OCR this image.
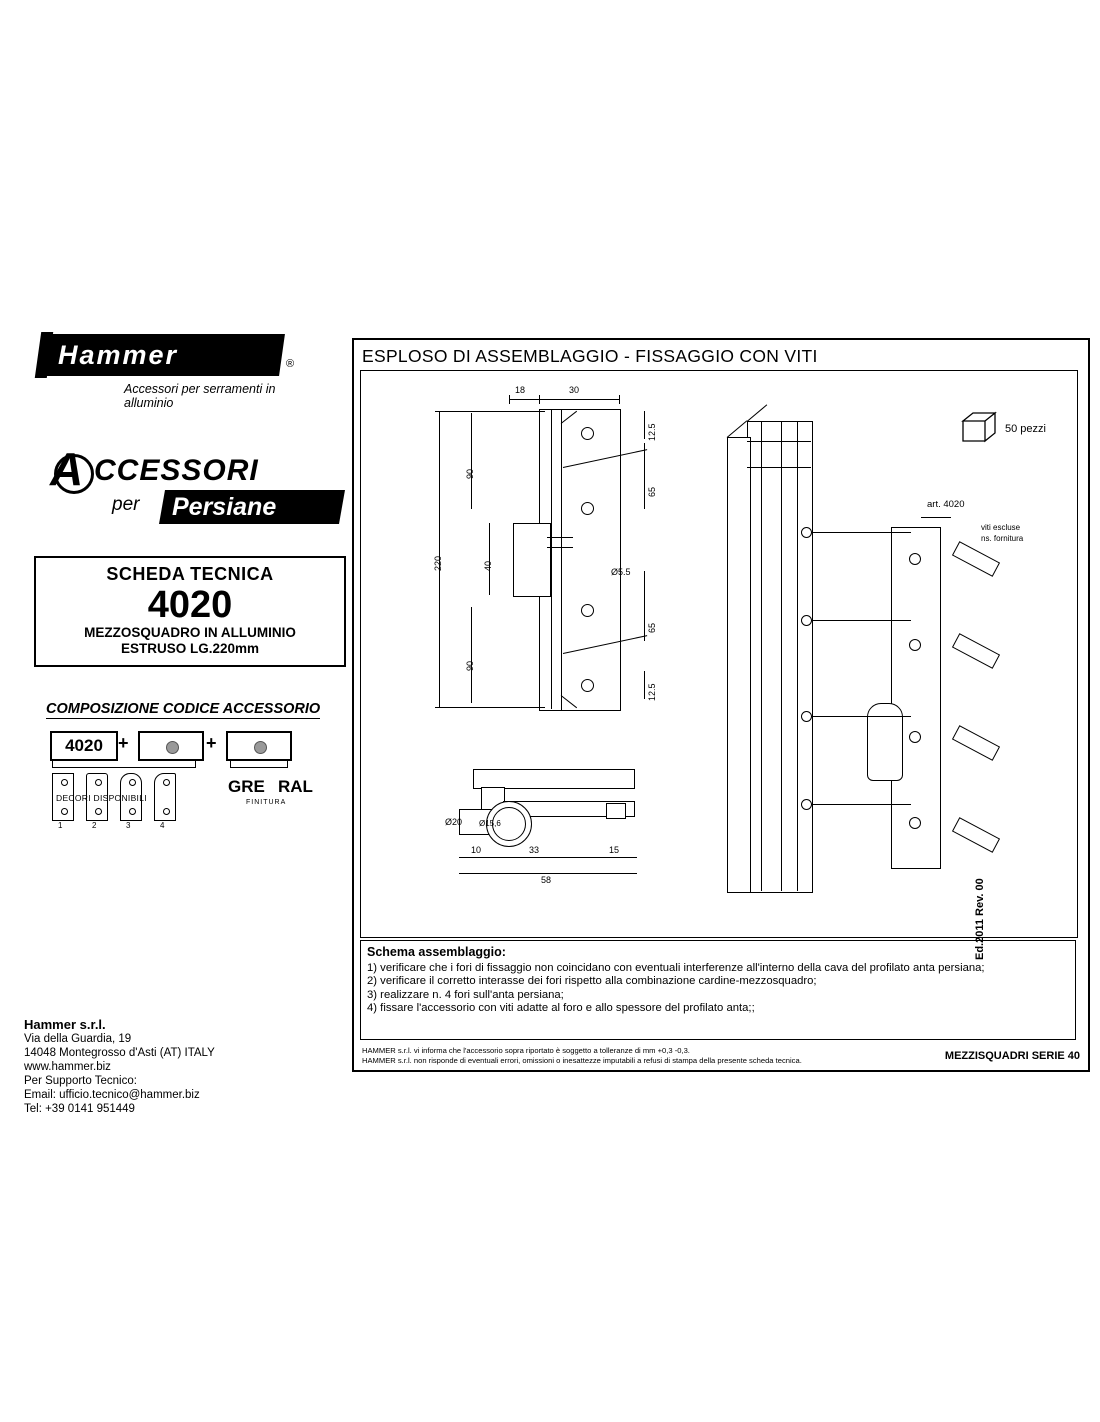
Hammer	®
Accessori per serramenti in alluminio
A CCESSORI
per Persiane
SCHEDA TECNICA
4020
MEZZOSQUADRO IN ALLUMINIO
ESTRUSO LG.220mm
COMPOSIZIONE CODICE ACCESSORIO
4020 +	+
1	2	3	4
DECORI DISPONIBILI
GRE RAL
FINITURA
Hammer s.r.l.
Via della Guardia, 19
14048 Montegrosso d'Asti (AT) ITALY
www.hammer.biz
Per Supporto Tecnico:
Email: ufficio.tecnico@hammer.biz
Tel: +39 0141 951449
ESPLOSO DI ASSEMBLAGGIO - FISSAGGIO CON VITI
18	30
Ø5.5
12.5
65
65
12.5
90
90
40
220
Ø20 Ø15,6
10	33	15
58
50 pezzi
art. 4020
viti escluse
ns. fornitura
Schema assemblaggio:

1) verificare che i fori di fissaggio non coincidano con eventuali interferenze all'interno della cava del profilato anta persiana;

2) verificare il corretto interasse dei fori rispetto alla combinazione cardine-mezzosquadro;

3) realizzare n. 4 fori sull'anta persiana;

4) fissare l'accessorio con viti adatte al foro e allo spessore del profilato anta;;

HAMMER s.r.l. vi informa che l'accessorio sopra riportato è soggetto a tolleranze di mm +0,3 -0,3.
HAMMER s.r.l. non risponde di eventuali errori, omissioni o inesattezze imputabili a refusi di stampa della presente scheda tecnica.	MEZZISQUADRI SERIE 40
Ed.2011 Rev. 00
